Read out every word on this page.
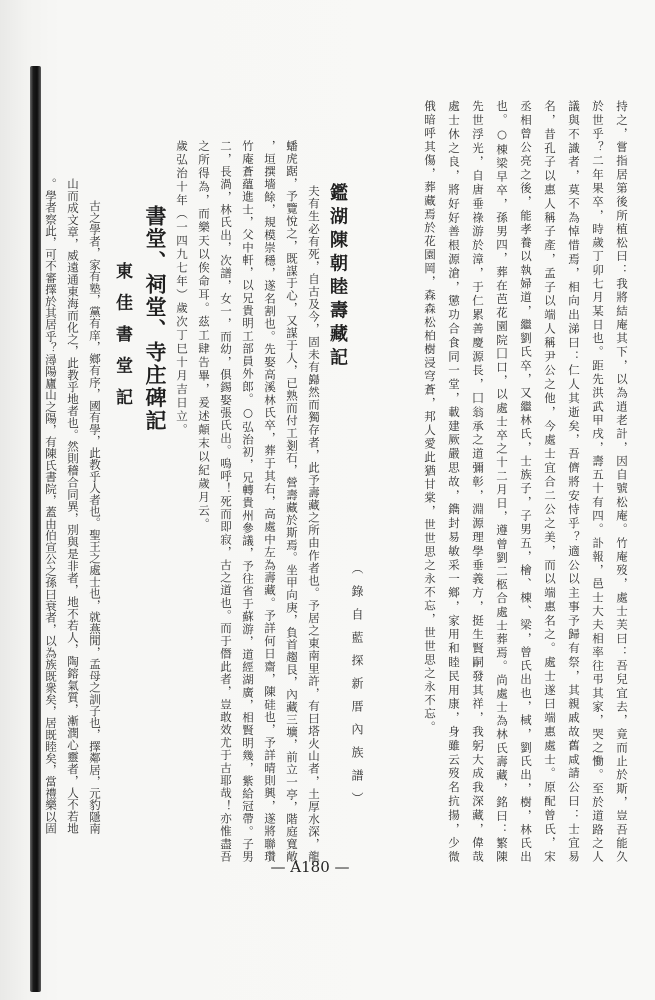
持之，嘗指居第後所植松曰：我將結庵其下，以為逍老計，因自號松庵。竹庵歿，處士芙曰：吾兒宜去，竟而止於斯，豈吾能久
於世乎？二年果卒，時歲丁卯七月某日也。距先洪武甲戌，壽五十有四。訃報，邑士大夫相率往弔其家，哭之慟。至於道路之人
議與不識者，莫不為悼惜焉，相向出涕曰：仁人其逝矣，吾儕將安恃乎？適公以主事予歸有祭，其親戚故舊咸請公曰：士宜易
名，昔孔子以惠人稱子產，孟子以端人稱尹公之他，今處士宜合二公之美，而以端惠名之。處士遂曰端惠處士。原配曾氏，宋
丞相曾公亮之後，能孝養以執婦道，繼劉氏卒，又繼林氏，士族子，子男五，檜、棟、梁，曾氏出也，棫，劉氏出，樹，林氏出
也。○棟梁早卒，孫男四，葬在芭花園院囗口，以處士卒之十二月日，遵曾劉二柩合處士葬焉。尚處士為林氏壽藏，銘曰：繁陳
先世浮光，自唐垂祿游於漳，于仁累善慶源長，囗翁承之道彌彰，淵源理學垂義方，挺生賢嗣發其祥，我躬大成我深藏，偉哉
處士休之良，將好好善根源滄，懲功合食同一堂，載建厥嚴思故，鐫封易敏采一鄉，家用和睦民用康，身雖云歿名抗揚，少微
俄暗呼其傷，葬藏焉於花園岡，森森松柏樹浸穹蒼，邦人愛此猶甘棠，世世思之永不忘，世世思之永不忘。
（錄自藍探新厝內族譜）
鑑湖陳朝睦壽藏記
夫有生必有死，自古及今，固未有巋然而獨存者，此予壽藏之所由作者也。予居之東南里許，有曰塔火山者，土厚水深，龍
蟠虎踞，予覽悅之，既謀于心，又謀于人，已熟而付工剗石，營壽藏於斯焉。坐甲向庚，負首趨艮，內藏三壙，前立一亭，階庭寬敞
，垣撰墻餘，規模崇穩，遂名割也。先娶高溪林氏卒，葬于其右，高處中左為壽藏。予詳何日齋，陳硅也，予詳晴則興，遂將聯瓚
竹庵蒼蘊進士，父中軒，以兄貴明工部員外郎。○弘治初，兄轉貴州參議，予往省于蘇游，道經湖廣，相賢明幾，紫給冠帶。子男
二，長渦，林氏出，次譜，女一，而幼，俱錫娶張氏出。嗚呼！死而即寂，古之道也。而于僭此者，豈敢效尤于古耶哉！亦惟盡吾
之所得為，而樂天以俟命耳。茲工肆告畢，爰述顛末以紀歲月云。
歲弘治十年（一四九七年）歲次丁巳十月吉日立。
書堂、祠堂、寺庄碑記
東佳書堂記
古之學者，家有塾，黨有庠，鄉有序，國有學，此教乎人者也。聖王之處士也，就燕閒，孟母之訓子也，擇鄰居，元豹隱南
山而成文章，威遠通東海而化之，此教乎地者也。然則稽合同異，別與是非者，地不若人，陶鎔氣質，漸潤心靈者，人不若地
。學者察此，可不審擇於其居乎？潯陽廬山之陽，有陳氏書院，蓋由伯宣公之孫曰衰者，以為族既衆矣，居既睦矣，當禮樂以固
— A180 —
